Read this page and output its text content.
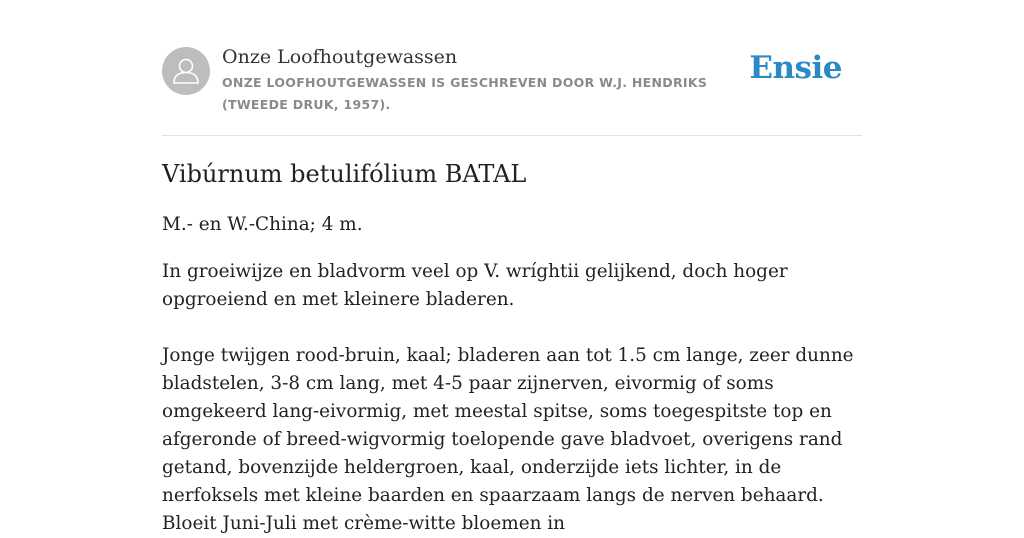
Onze Loofhoutgewassen
ONZE LOOFHOUTGEWASSEN IS GESCHREVEN DOOR W.J. HENDRIKS (TWEEDE DRUK, 1957).
Ensie
Vibúrnum betulifólium BATAL

M.- en W.-China; 4 m.

In groeiwijze en bladvorm veel op V. wríghtii gelijkend, doch hoger opgroeiend en met kleinere bladeren.

Jonge twijgen rood-bruin, kaal; bladeren aan tot 1.5 cm lange, zeer dunne bladstelen, 3-8 cm lang, met 4-5 paar zijnerven, eivormig of soms omgekeerd lang-eivormig, met meestal spitse, soms toegespitste top en afgeronde of breed-wigvormig toelopende gave bladvoet, overigens rand getand, bovenzijde heldergroen, kaal, onderzijde iets lichter, in de nerfoksels met kleine baarden en spaarzaam langs de nerven behaard. Bloeit Juni-Juli met crème-witte bloemen in
